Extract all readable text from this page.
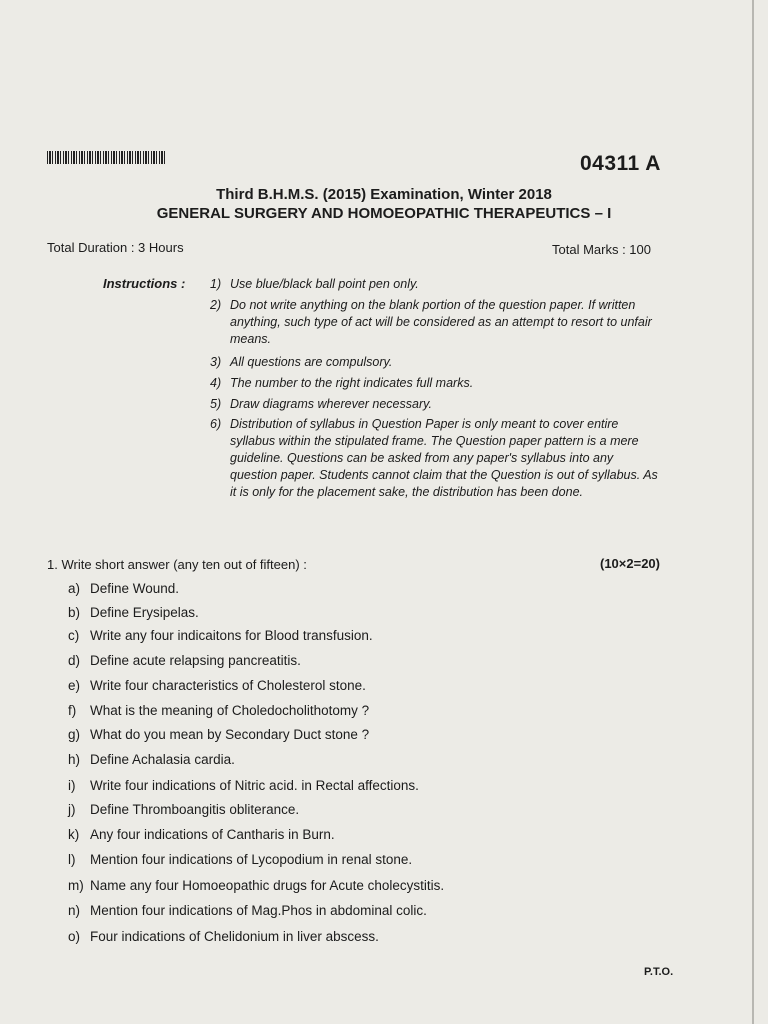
04311 A
Third B.H.M.S. (2015) Examination, Winter 2018
GENERAL SURGERY AND HOMOEOPATHIC THERAPEUTICS – I
Total Duration : 3 Hours	Total Marks : 100
Instructions : 1) Use blue/black ball point pen only.
2) Do not write anything on the blank portion of the question paper. If written anything, such type of act will be considered as an attempt to resort to unfair means.
3) All questions are compulsory.
4) The number to the right indicates full marks.
5) Draw diagrams wherever necessary.
6) Distribution of syllabus in Question Paper is only meant to cover entire syllabus within the stipulated frame. The Question paper pattern is a mere guideline. Questions can be asked from any paper's syllabus into any question paper. Students cannot claim that the Question is out of syllabus. As it is only for the placement sake, the distribution has been done.
1. Write short answer (any ten out of fifteen) :	(10×2=20)
a) Define Wound.
b) Define Erysipelas.
c) Write any four indicaitons for Blood transfusion.
d) Define acute relapsing pancreatitis.
e) Write four characteristics of Cholesterol stone.
f) What is the meaning of Choledocholithotomy ?
g) What do you mean by Secondary Duct stone ?
h) Define Achalasia cardia.
i) Write four indications of Nitric acid. in Rectal affections.
j) Define Thromboangitis obliterance.
k) Any four indications of Cantharis in Burn.
l) Mention four indications of Lycopodium in renal stone.
m) Name any four Homoeopathic drugs for Acute cholecystitis.
n) Mention four indications of Mag.Phos in abdominal colic.
o) Four indications of Chelidonium in liver abscess.
P.T.O.
